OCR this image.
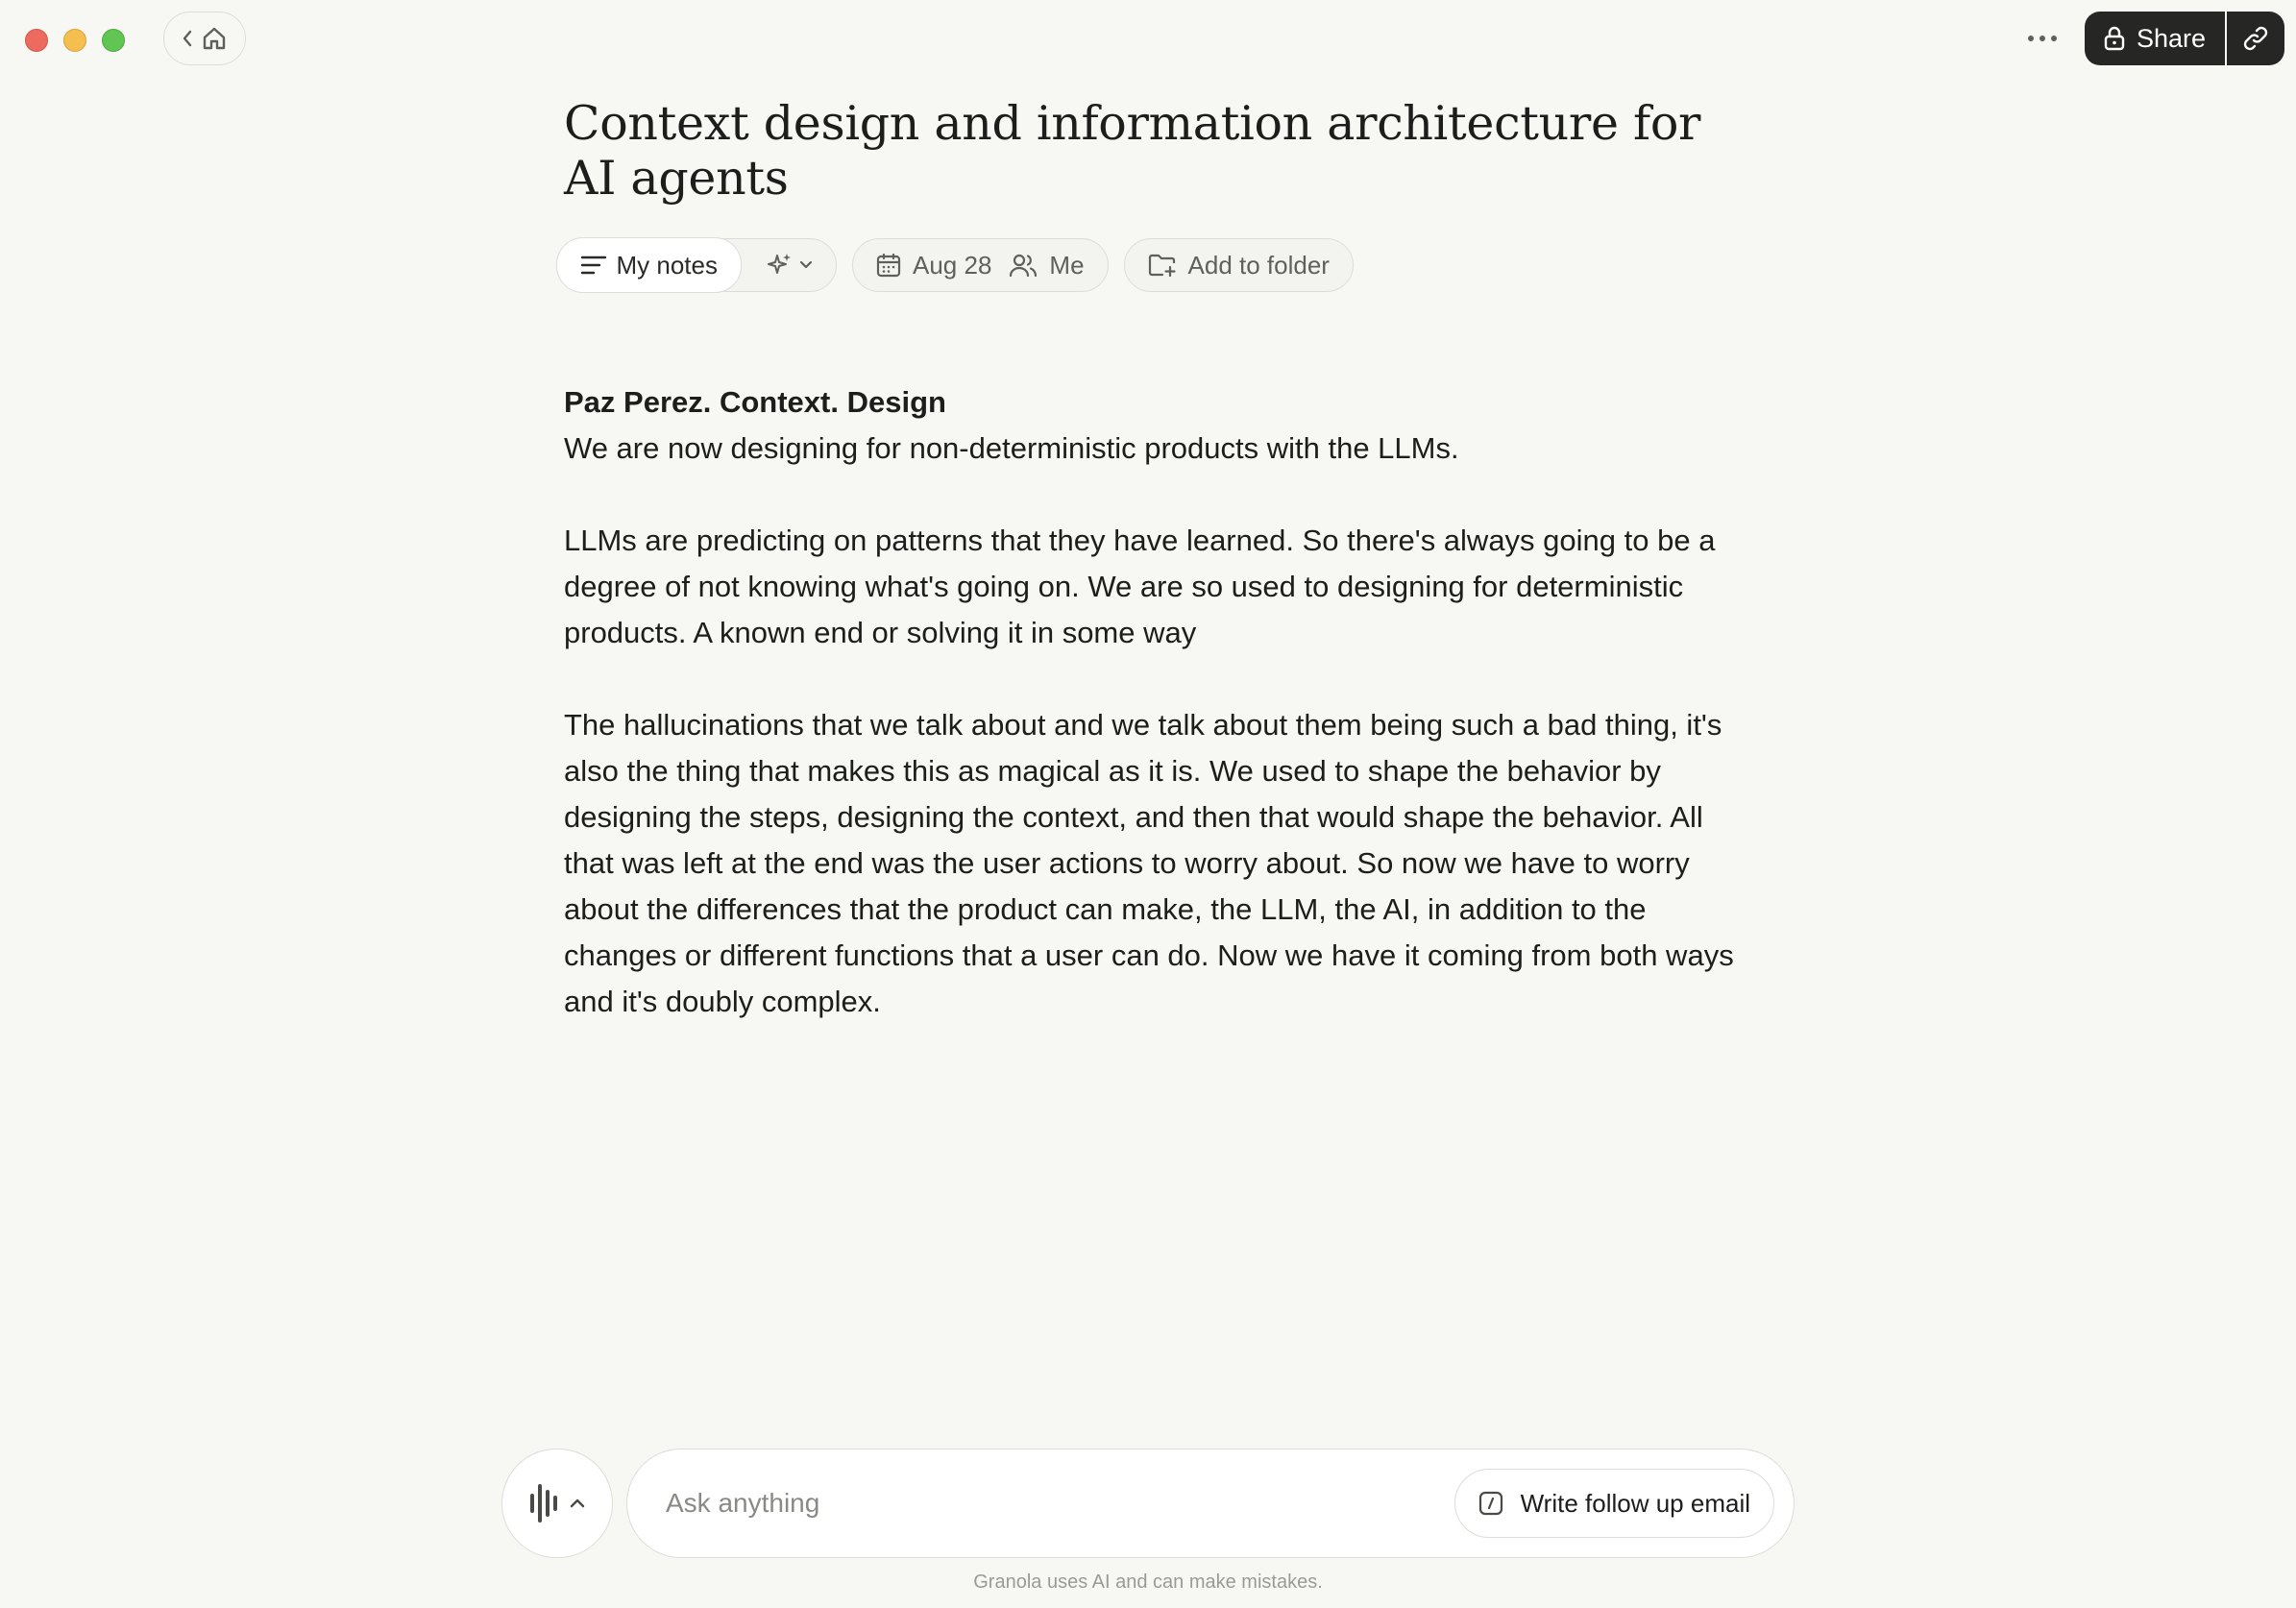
Share
Context design and information architecture for AI agents
My notes	Aug 28 Me	Add to folder
Paz Perez. Context. Design

We are now designing for non-deterministic products with the LLMs.

LLMs are predicting on patterns that they have learned. So there's always going to be a degree of not knowing what's going on. We are so used to designing for deterministic products. A known end or solving it in some way

The hallucinations that we talk about and we talk about them being such a bad thing, it's also the thing that makes this as magical as it is. We used to shape the behavior by designing the steps, designing the context, and then that would shape the behavior. All that was left at the end was the user actions to worry about. So now we have to worry about the differences that the product can make, the LLM, the AI, in addition to the changes or different functions that a user can do. Now we have it coming from both ways and it's doubly complex.

Ask anything
Write follow up email
Granola uses AI and can make mistakes.
